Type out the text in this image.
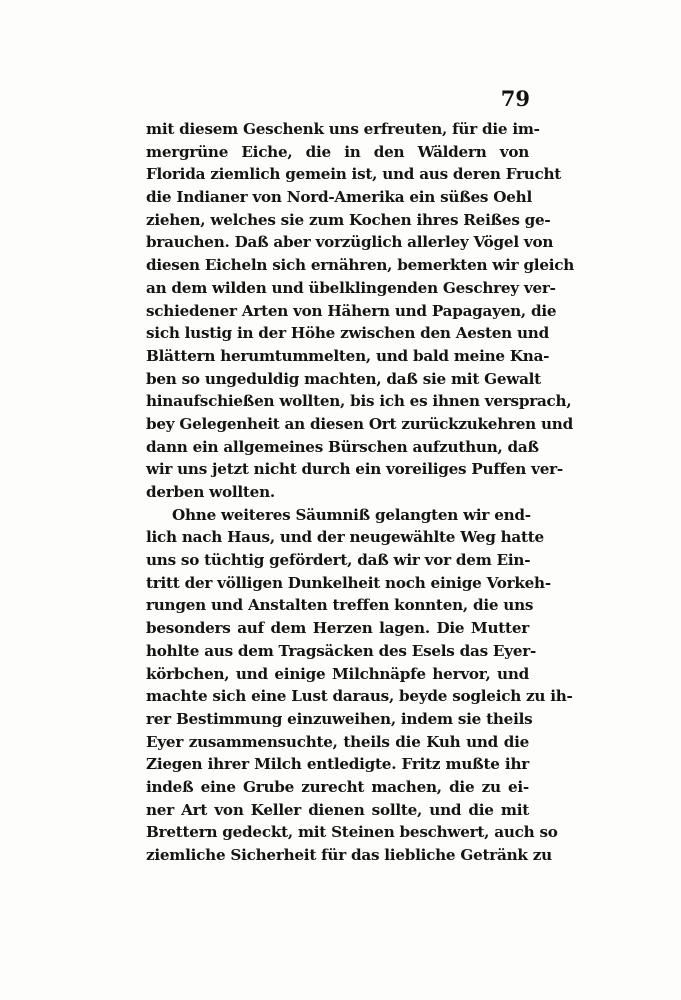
79
mit diesem Geschenk uns erfreuten, für die im-
mergrüne Eiche, die in den Wäldern von
Florida ziemlich gemein ist, und aus deren Frucht
die Indianer von Nord-Amerika ein süßes Oehl
ziehen, welches sie zum Kochen ihres Reißes ge-
brauchen. Daß aber vorzüglich allerley Vögel von
diesen Eicheln sich ernähren, bemerkten wir gleich
an dem wilden und übelklingenden Geschrey ver-
schiedener Arten von Hähern und Papagayen, die
sich lustig in der Höhe zwischen den Aesten und
Blättern herumtummelten, und bald meine Kna-
ben so ungeduldig machten, daß sie mit Gewalt
hinaufschießen wollten, bis ich es ihnen versprach,
bey Gelegenheit an diesen Ort zurückzukehren und
dann ein allgemeines Bürschen aufzuthun, daß
wir uns jetzt nicht durch ein voreiliges Puffen ver-
derben wollten.
Ohne weiteres Säumniß gelangten wir end-
lich nach Haus, und der neugewählte Weg hatte
uns so tüchtig gefördert, daß wir vor dem Ein-
tritt der völligen Dunkelheit noch einige Vorkeh-
rungen und Anstalten treffen konnten, die uns
besonders auf dem Herzen lagen. Die Mutter
hohlte aus dem Tragsäcken des Esels das Eyer-
körbchen, und einige Milchnäpfe hervor, und
machte sich eine Lust daraus, beyde sogleich zu ih-
rer Bestimmung einzuweihen, indem sie theils
Eyer zusammensuchte, theils die Kuh und die
Ziegen ihrer Milch entledigte. Fritz mußte ihr
indeß eine Grube zurecht machen, die zu ei-
ner Art von Keller dienen sollte, und die mit
Brettern gedeckt, mit Steinen beschwert, auch so
ziemliche Sicherheit für das liebliche Getränk zu
